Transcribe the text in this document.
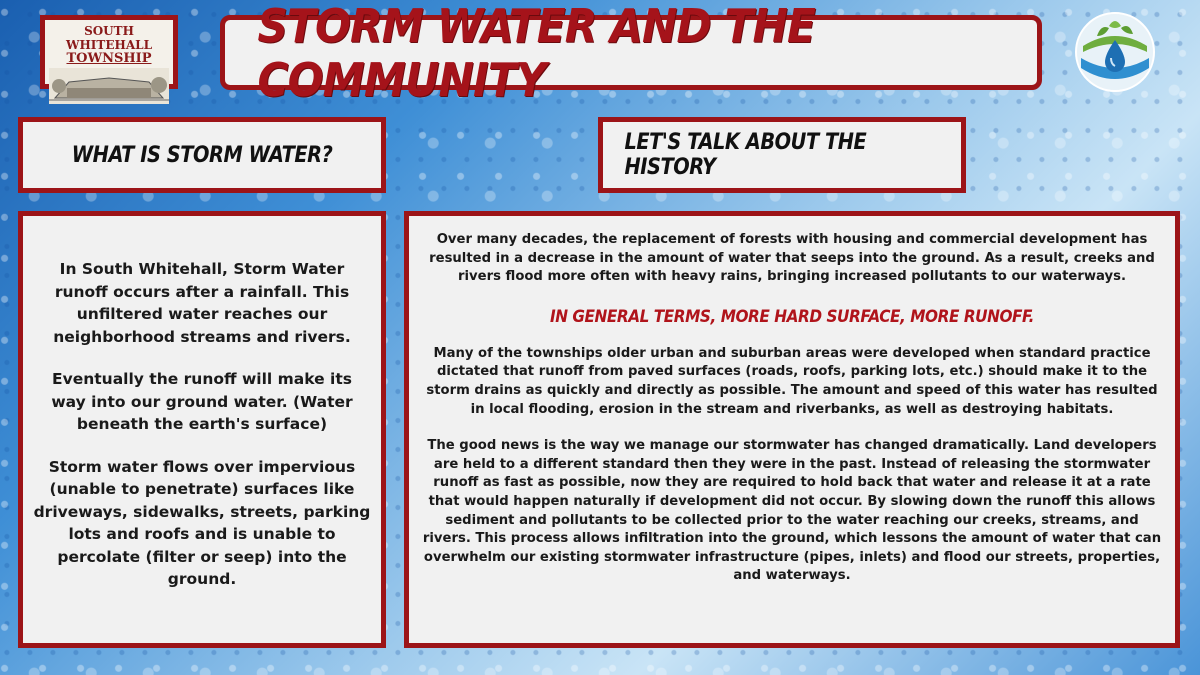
SOUTH WHITEHALL
TOWNSHIP
STORM WATER AND THE COMMUNITY
WHAT IS STORM WATER?	LET'S TALK ABOUT THE HISTORY

In South Whitehall, Storm Water runoff occurs after a rainfall. This unfiltered water reaches our neighborhood streams and rivers.

Eventually the runoff will make its way into our ground water. (Water beneath the earth's surface)

Storm water flows over impervious (unable to penetrate) surfaces like driveways, sidewalks, streets, parking lots and roofs and is unable to percolate (filter or seep) into the ground.

Over many decades, the replacement of forests with housing and commercial development has resulted in a decrease in the amount of water that seeps into the ground. As a result, creeks and rivers flood more often with heavy rains, bringing increased pollutants to our waterways.

IN GENERAL TERMS, MORE HARD SURFACE, MORE RUNOFF.

Many of the townships older urban and suburban areas were developed when standard practice dictated that runoff from paved surfaces (roads, roofs, parking lots, etc.) should make it to the storm drains as quickly and directly as possible. The amount and speed of this water has resulted in local flooding, erosion in the stream and riverbanks, as well as destroying habitats.

The good news is the way we manage our stormwater has changed dramatically. Land developers are held to a different standard then they were in the past. Instead of releasing the stormwater runoff as fast as possible, now they are required to hold back that water and release it at a rate that would happen naturally if development did not occur. By slowing down the runoff this allows sediment and pollutants to be collected prior to the water reaching our creeks, streams, and rivers. This process allows infiltration into the ground, which lessons the amount of water that can overwhelm our existing stormwater infrastructure (pipes, inlets) and flood our streets, properties, and waterways.
